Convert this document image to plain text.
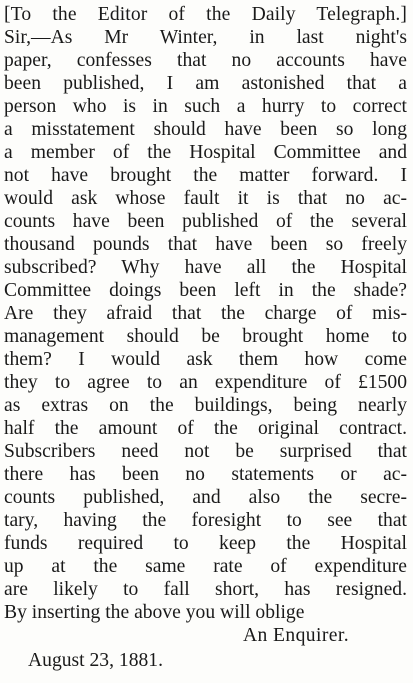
[To the Editor of the Daily Telegraph.]
Sir,—As Mr Winter, in last night's
paper, confesses that no accounts have
been published, I am astonished that a
person who is in such a hurry to correct
a misstatement should have been so long
a member of the Hospital Committee and
not have brought the matter forward. I
would ask whose fault it is that no ac-
counts have been published of the several
thousand pounds that have been so freely
subscribed? Why have all the Hospital
Committee doings been left in the shade?
Are they afraid that the charge of mis-
management should be brought home to
them? I would ask them how come
they to agree to an expenditure of £1500
as extras on the buildings, being nearly
half the amount of the original contract.
Subscribers need not be surprised that
there has been no statements or ac-
counts published, and also the secre-
tary, having the foresight to see that
funds required to keep the Hospital
up at the same rate of expenditure
are likely to fall short, has resigned.
By inserting the above you will oblige
An Enquirer.
August 23, 1881.
